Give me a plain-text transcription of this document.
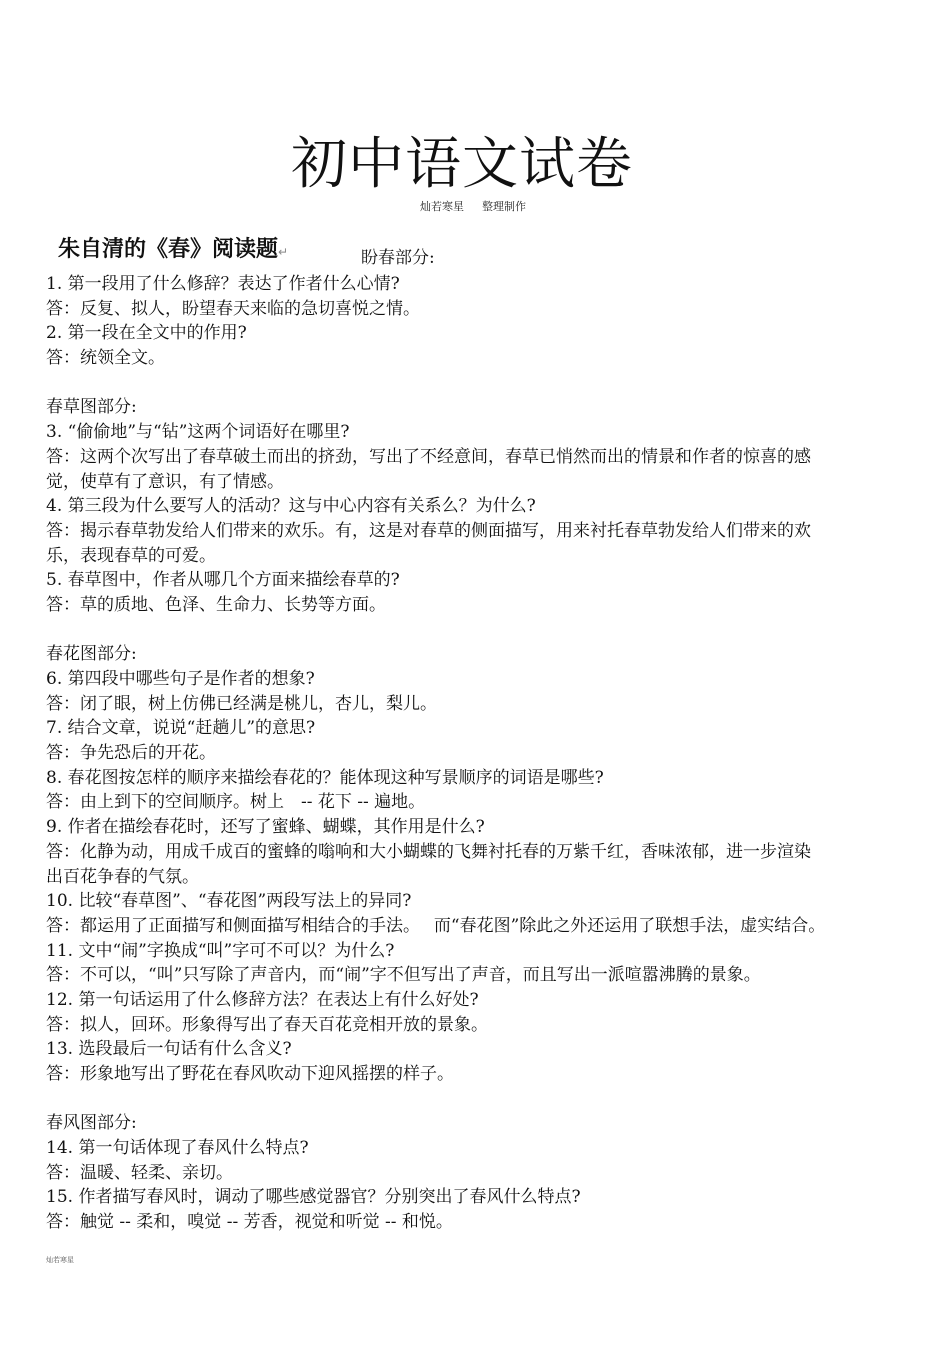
初中语文试卷
灿若寒星 整理制作
朱自清的《春》阅读题↵	盼春部分:
1. 第一段用了什么修辞？表达了作者什么心情?
答：反复、拟人，盼望春天来临的急切喜悦之情。
2. 第一段在全文中的作用?
答：统领全文。
春草图部分:
3. “偷偷地”与“钻”这两个词语好在哪里?
答：这两个次写出了春草破土而出的挤劲，写出了不经意间，春草已悄然而出的情景和作者的惊喜的感
觉，使草有了意识，有了情感。
4. 第三段为什么要写人的活动？这与中心内容有关系么？为什么?
答：揭示春草勃发给人们带来的欢乐。有，这是对春草的侧面描写，用来衬托春草勃发给人们带来的欢
乐，表现春草的可爱。
5. 春草图中，作者从哪几个方面来描绘春草的?
答：草的质地、色泽、生命力、长势等方面。
春花图部分:
6. 第四段中哪些句子是作者的想象?
答：闭了眼，树上仿佛已经满是桃儿，杏儿，梨儿。
7. 结合文章，说说“赶趟儿”的意思?
答：争先恐后的开花。
8. 春花图按怎样的顺序来描绘春花的？能体现这种写景顺序的词语是哪些?
答：由上到下的空间顺序。树上　-- 花下 -- 遍地。
9. 作者在描绘春花时，还写了蜜蜂、蝴蝶，其作用是什么?
答：化静为动，用成千成百的蜜蜂的嗡响和大小蝴蝶的飞舞衬托春的万紫千红，香味浓郁，进一步渲染
出百花争春的气氛。
10. 比较“春草图”、“春花图”两段写法上的异同?
答：都运用了正面描写和侧面描写相结合的手法。　 而“春花图”除此之外还运用了联想手法，虚实结合。
11. 文中“闹”字换成“叫”字可不可以？为什么?
答：不可以，“叫”只写除了声音内，而“闹”字不但写出了声音，而且写出一派喧嚣沸腾的景象。
12. 第一句话运用了什么修辞方法？在表达上有什么好处?
答：拟人，回环。形象得写出了春天百花竞相开放的景象。
13. 选段最后一句话有什么含义?
答：形象地写出了野花在春风吹动下迎风摇摆的样子。
春风图部分:
14. 第一句话体现了春风什么特点?
答：温暖、轻柔、亲切。
15. 作者描写春风时，调动了哪些感觉器官？分别突出了春风什么特点?
答：触觉 -- 柔和，嗅觉 -- 芳香，视觉和听觉 -- 和悦。
灿若寒星
